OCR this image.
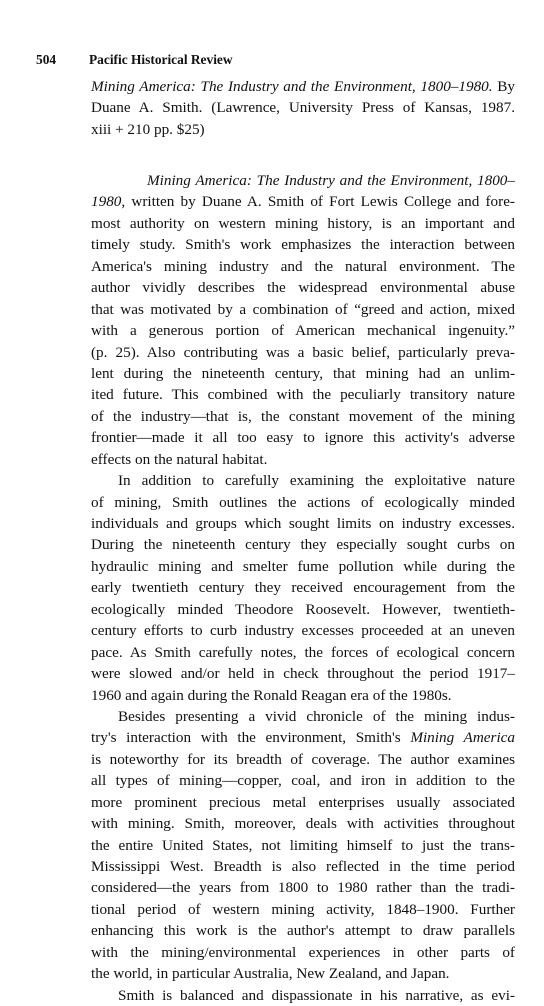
504 Pacific Historical Review
Mining America: The Industry and the Environment, 1800–1980. By
Duane A. Smith. (Lawrence, University Press of Kansas, 1987.
xiii + 210 pp. $25)
Mining America: The Industry and the Environment, 1800–
1980, written by Duane A. Smith of Fort Lewis College and fore-
most authority on western mining history, is an important and
timely study. Smith's work emphasizes the interaction between
America's mining industry and the natural environment. The
author vividly describes the widespread environmental abuse
that was motivated by a combination of “greed and action, mixed
with a generous portion of American mechanical ingenuity.”
(p. 25). Also contributing was a basic belief, particularly preva-
lent during the nineteenth century, that mining had an unlim-
ited future. This combined with the peculiarly transitory nature
of the industry—that is, the constant movement of the mining
frontier—made it all too easy to ignore this activity's adverse
effects on the natural habitat.
In addition to carefully examining the exploitative nature
of mining, Smith outlines the actions of ecologically minded
individuals and groups which sought limits on industry excesses.
During the nineteenth century they especially sought curbs on
hydraulic mining and smelter fume pollution while during the
early twentieth century they received encouragement from the
ecologically minded Theodore Roosevelt. However, twentieth-
century efforts to curb industry excesses proceeded at an uneven
pace. As Smith carefully notes, the forces of ecological concern
were slowed and/or held in check throughout the period 1917–
1960 and again during the Ronald Reagan era of the 1980s.
Besides presenting a vivid chronicle of the mining indus-
try's interaction with the environment, Smith's Mining America
is noteworthy for its breadth of coverage. The author examines
all types of mining—copper, coal, and iron in addition to the
more prominent precious metal enterprises usually associated
with mining. Smith, moreover, deals with activities throughout
the entire United States, not limiting himself to just the trans-
Mississippi West. Breadth is also reflected in the time period
considered—the years from 1800 to 1980 rather than the tradi-
tional period of western mining activity, 1848–1900. Further
enhancing this work is the author's attempt to draw parallels
with the mining/environmental experiences in other parts of
the world, in particular Australia, New Zealand, and Japan.
Smith is balanced and dispassionate in his narrative, as evi-
